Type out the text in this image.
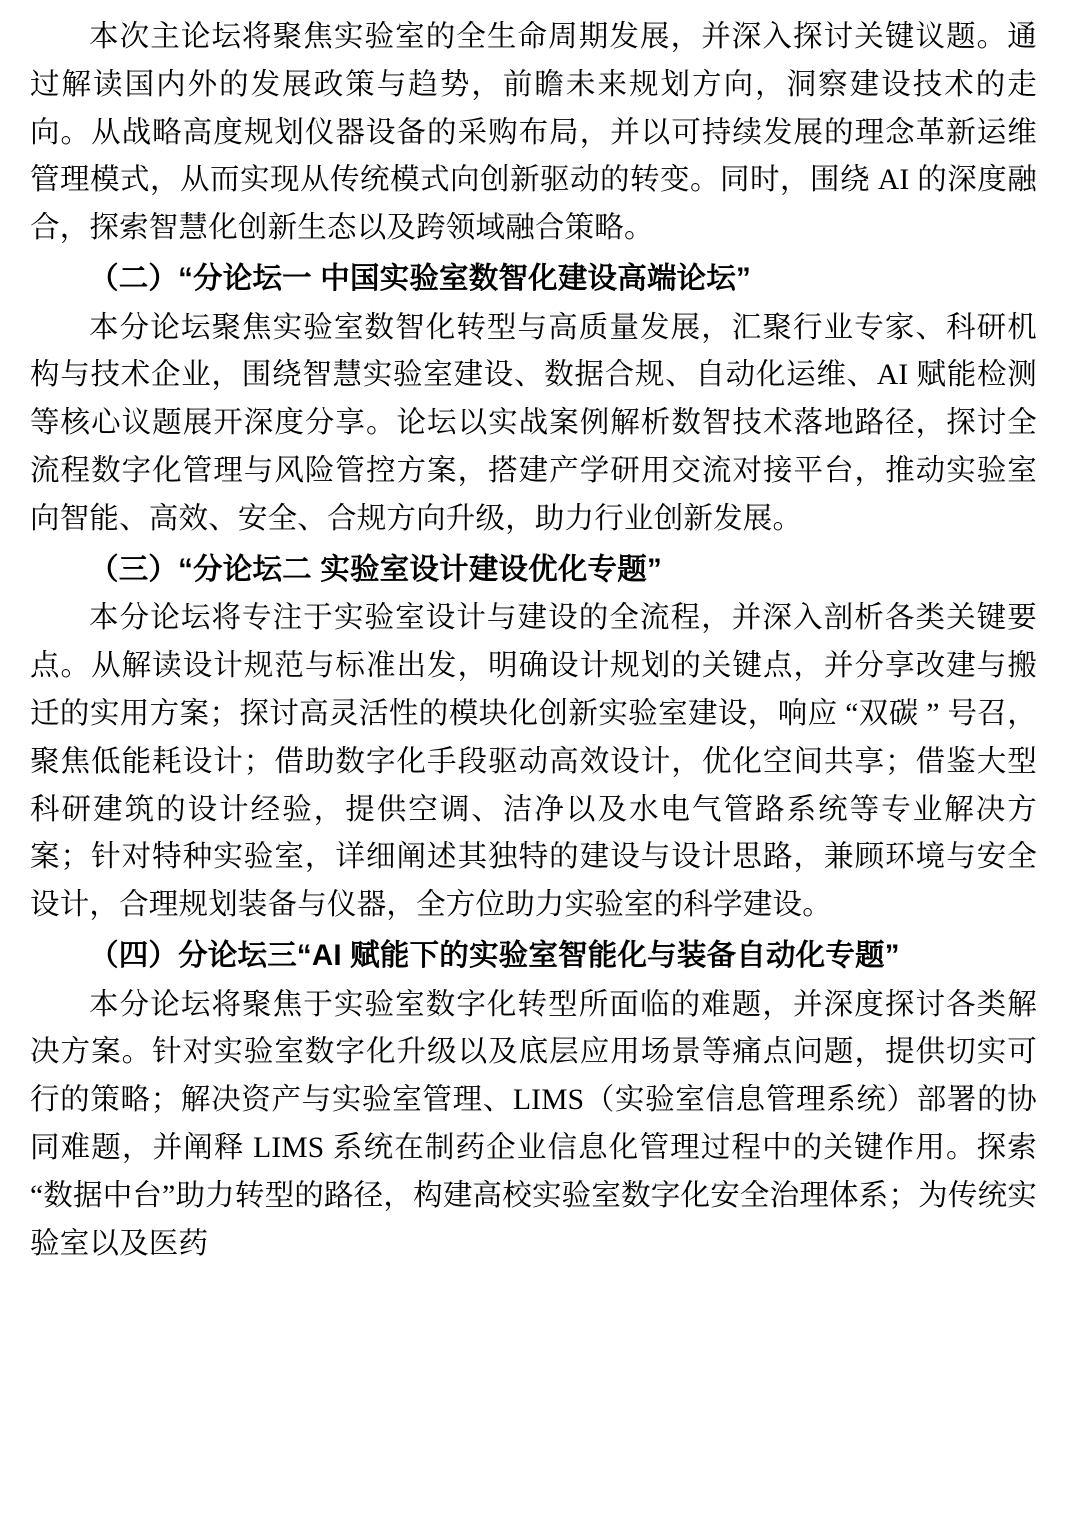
本次主论坛将聚焦实验室的全生命周期发展，并深入探讨关键议题。通过解读国内外的发展政策与趋势，前瞻未来规划方向，洞察建设技术的走向。从战略高度规划仪器设备的采购布局，并以可持续发展的理念革新运维管理模式，从而实现从传统模式向创新驱动的转变。同时，围绕 AI 的深度融合，探索智慧化创新生态以及跨领域融合策略。

（二）“分论坛一 中国实验室数智化建设高端论坛”

本分论坛聚焦实验室数智化转型与高质量发展，汇聚行业专家、科研机构与技术企业，围绕智慧实验室建设、数据合规、自动化运维、AI 赋能检测等核心议题展开深度分享。论坛以实战案例解析数智技术落地路径，探讨全流程数字化管理与风险管控方案，搭建产学研用交流对接平台，推动实验室向智能、高效、安全、合规方向升级，助力行业创新发展。

（三）“分论坛二 实验室设计建设优化专题”

本分论坛将专注于实验室设计与建设的全流程，并深入剖析各类关键要点。从解读设计规范与标准出发，明确设计规划的关键点，并分享改建与搬迁的实用方案；探讨高灵活性的模块化创新实验室建设，响应 “双碳 ” 号召，聚焦低能耗设计；借助数字化手段驱动高效设计，优化空间共享；借鉴大型科研建筑的设计经验，提供空调、洁净以及水电气管路系统等专业解决方案；针对特种实验室，详细阐述其独特的建设与设计思路，兼顾环境与安全设计，合理规划装备与仪器，全方位助力实验室的科学建设。

（四）分论坛三“AI 赋能下的实验室智能化与装备自动化专题”

本分论坛将聚焦于实验室数字化转型所面临的难题，并深度探讨各类解决方案。针对实验室数字化升级以及底层应用场景等痛点问题，提供切实可行的策略；解决资产与实验室管理、LIMS（实验室信息管理系统）部署的协同难题，并阐释 LIMS 系统在制药企业信息化管理过程中的关键作用。探索 “数据中台”助力转型的路径，构建高校实验室数字化安全治理体系；为传统实验室以及医药
